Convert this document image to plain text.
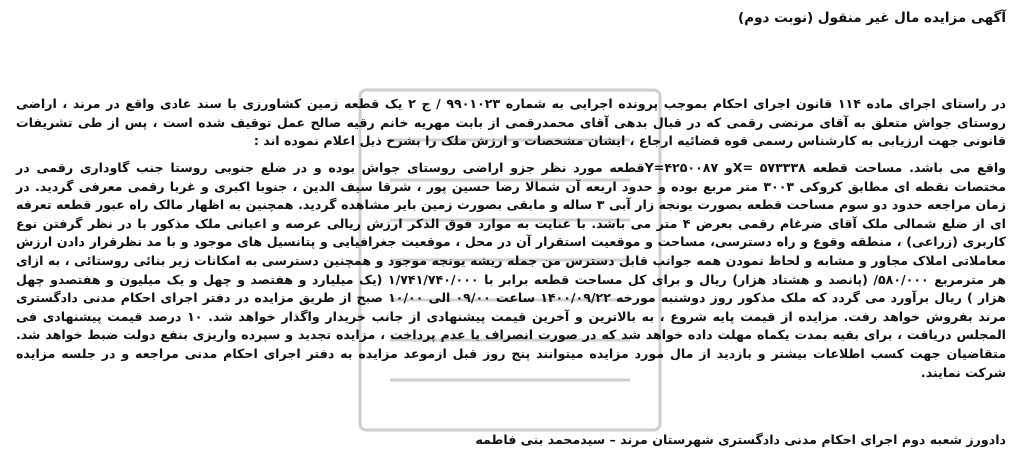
آگهی مزایده مال غیر منقول (نوبت دوم)

در راستای اجرای ماده ۱۱۴ قانون اجرای احکام بموجب پرونده اجرایی به شماره ۹۹۰۱۰۲۳ / ج ۲ یک قطعه زمین کشاورزی با سند عادی واقع در مرند ، اراضی روستای جواش متعلق به آقای مرتضی رقمی که در قبال بدهی آقای محمدرقمی از بابت مهریه خانم رقیه صالح عمل توقیف شده است ، پس از طی تشریفات قانونی جهت ارزیابی به کارشناس رسمی قوه قضائیه ارجاع ، ایشان مشخصات و ارزش ملک را بشرح ذیل اعلام نموده اند :

واقع می باشد. مساحت قطعه ۵۷۳۳۳۸ =Xو ۴۲۵۰۰۸۷=Yقطعه مورد نظر جزو اراضی روستای جواش بوده و در ضلع جنوبی روستا جنب گاوداری رقمی در مختصات نقطه ای مطابق کروکی ۳۰۰۳ متر مربع بوده و حدود اربعه آن شمالا رضا حسین پور ، شرقا سیف الدین ، جنوبا اکبری و غربا رقمی معرفی گردید. در زمان مراجعه حدود دو سوم مساحت قطعه بصورت یونجه زار آبی ۳ ساله و مابقی بصورت زمین بایر مشاهده گردید. همچنین به اظهار مالک راه عبور قطعه تعرفه ای از ضلع شمالی ملک آقای ضرغام رقمی بعرض ۴ متر می باشد. با عنایت به موارد فوق الذکر ارزش ریالی عرصه و اعیانی ملک مذکور با در نظر گرفتن نوع کاربری (زراعی) ، منطقه وقوع و راه دسترسی، مساحت و موقعیت استقرار آن در محل ، موقعیت جغرافیایی و پتانسیل های موجود و با مد نظرقرار دادن ارزش معاملاتی املاک مجاور و مشابه و لحاظ نمودن همه جوانب قابل دسترس من جمله ریشه یونجه موجود و همچنین دسترسی به امکانات زیر بنائی روستائی ، به ازای هر مترمربع ۵۸۰/۰۰۰/ (پانصد و هشتاد هزار) ریال و برای کل مساحت قطعه برابر با ۱/۷۴۱/۷۴۰/۰۰۰ (یک میلیارد و هفتصد و چهل و یک میلیون و هفتصدو چهل هزار ) ریال برآورد می گردد که ملک مذکور روز دوشنبه مورخه ۱۴۰۰/۰۹/۲۲ ساعت ۰۹/۰۰ الی ۱۰/۰۰ صبح از طریق مزایده در دفتر اجرای احکام مدنی دادگستری مرند بفروش خواهد رفت. مزایده از قیمت پایه شروع ، به بالاترین و آخرین قیمت پیشنهادی از جانب خریدار واگذار خواهد شد. ۱۰ درصد قیمت پیشنهادی فی المجلس دریافت ، برای بقیه بمدت یکماه مهلت داده خواهد شد که در صورت انصراف یا عدم پرداخت ، مزایده تجدید و سپرده واریزی بنفع دولت ضبط خواهد شد. متقاضیان جهت کسب اطلاعات بیشتر و بازدید از مال مورد مزایده میتوانند پنج روز قبل ازموعد مزایده به دفتر اجرای احکام مدنی مراجعه و در جلسه مزایده شرکت نمایند.

دادورز شعبه دوم اجرای احکام مدنی دادگستری شهرستان مرند – سیدمحمد بنی فاطمه
